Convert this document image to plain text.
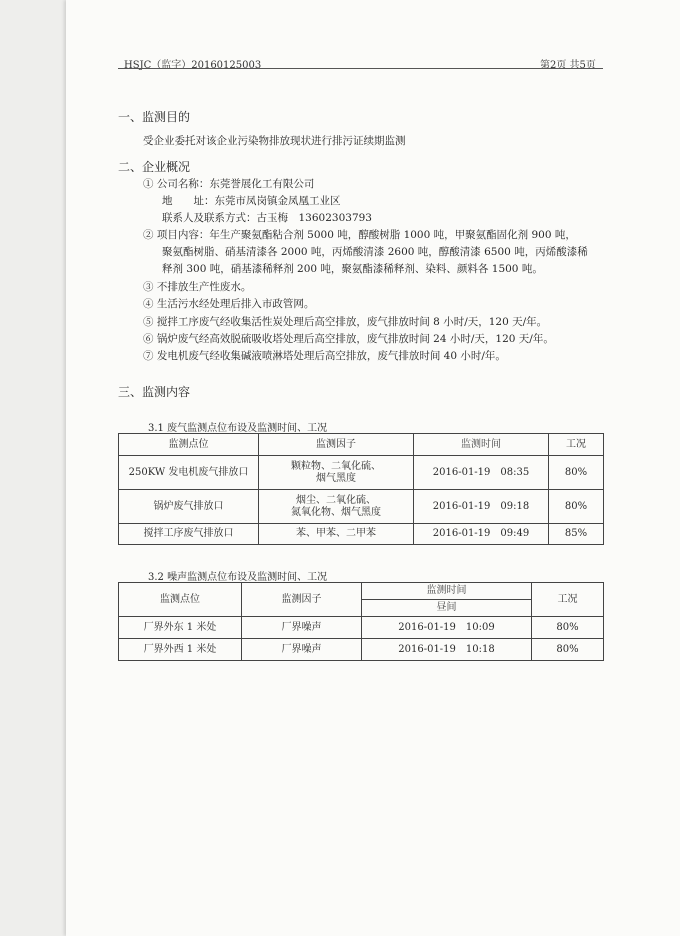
HSJC（监字）20160125003	第2页 共5页
一、监测目的
受企业委托对该企业污染物排放现状进行排污证续期监测
二、企业概况
① 公司名称：东莞誉展化工有限公司
地　　址：东莞市凤岗镇金凤凰工业区
联系人及联系方式：古玉梅　13602303793
② 项目内容：年生产聚氨酯粘合剂 5000 吨，醇酸树脂 1000 吨，甲聚氨酯固化剂 900 吨，
聚氨酯树脂、硝基清漆各 2000 吨，丙烯酸清漆 2600 吨，醇酸清漆 6500 吨，丙烯酸漆稀
释剂 300 吨，硝基漆稀释剂 200 吨，聚氨酯漆稀释剂、染料、颜料各 1500 吨。
③ 不排放生产性废水。
④ 生活污水经处理后排入市政管网。
⑤ 搅拌工序废气经收集活性炭处理后高空排放，废气排放时间 8 小时/天，120 天/年。
⑥ 锅炉废气经高效脱硫吸收塔处理后高空排放，废气排放时间 24 小时/天，120 天/年。
⑦ 发电机废气经收集碱液喷淋塔处理后高空排放，废气排放时间 40 小时/年。
三、监测内容
3.1 废气监测点位布设及监测时间、工况
监测点位	监测因子	监测时间	工况
250KW 发电机废气排放口	颗粒物、二氧化硫、
烟气黑度	2016-01-19　08:35	80%
锅炉废气排放口	烟尘、二氧化硫、
氮氧化物、烟气黑度	2016-01-19　09:18	80%
搅拌工序废气排放口	苯、甲苯、二甲苯	2016-01-19　09:49	85%
3.2 噪声监测点位布设及监测时间、工况
监测点位	监测因子	监测时间	工况
		昼间	
厂界外东 1 米处	厂界噪声	2016-01-19　10:09	80%
厂界外西 1 米处	厂界噪声	2016-01-19　10:18	80%
